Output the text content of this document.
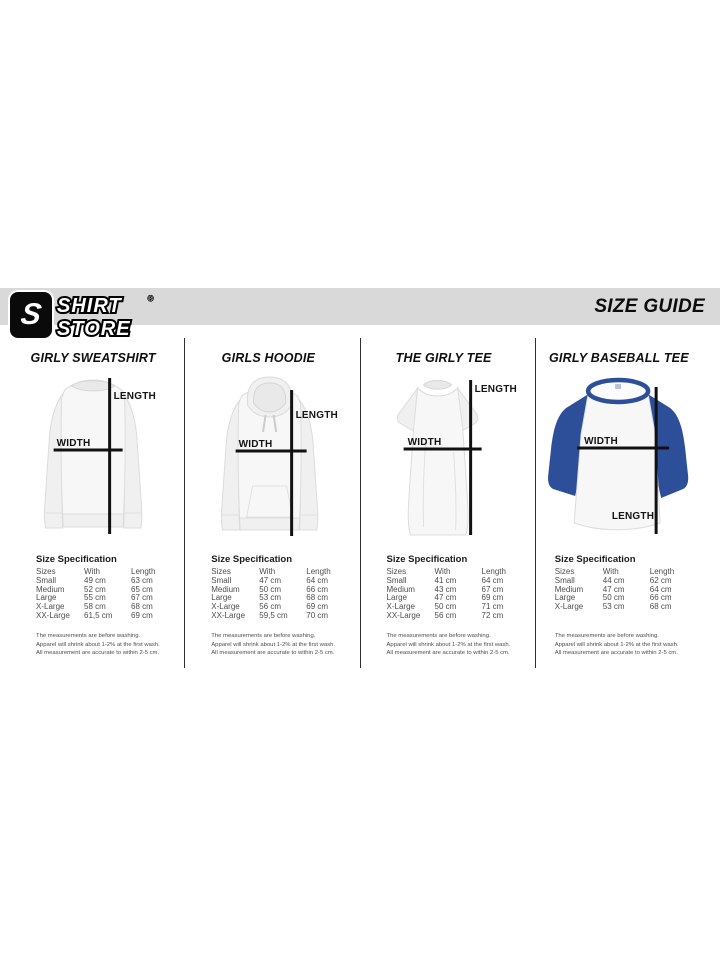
S SHIRT	®
STORE
SIZE GUIDE
GIRLY SWEATSHIRT
LENGTH
WIDTH
Size Specification
Sizes	With	Length
Small	49 cm	63 cm
Medium	52 cm	65 cm
Large	55 cm	67 cm
X-Large	58 cm	68 cm
XX-Large	61,5 cm	69 cm
The measurements are before washing.
Apparel will shrink about 1-2% at the first wash.
All measurement are accurate to within 2-5 cm.
GIRLS HOODIE
LENGTH
WIDTH
Size Specification
Sizes	With	Length
Small	47 cm	64 cm
Medium	50 cm	66 cm
Large	53 cm	68 cm
X-Large	56 cm	69 cm
XX-Large	59,5 cm	70 cm
The measurements are before washing.
Apparel will shrink about 1-2% at the first wash.
All measurement are accurate to within 2-5 cm.
THE GIRLY TEE
LENGTH
WIDTH
Size Specification
Sizes	With	Length
Small	41 cm	64 cm
Medium	43 cm	67 cm
Large	47 cm	69 cm
X-Large	50 cm	71 cm
XX-Large	56 cm	72 cm
The measurements are before washing.
Apparel will shrink about 1-2% at the first wash.
All measurement are accurate to within 2-5 cm.
GIRLY BASEBALL TEE
LENGTH
WIDTH
Size Specification
Sizes	With	Length
Small	44 cm	62 cm
Medium	47 cm	64 cm
Large	50 cm	66 cm
X-Large	53 cm	68 cm
The measurements are before washing.
Apparel will shrink about 1-2% at the first wash.
All measurement are accurate to within 2-5 cm.
